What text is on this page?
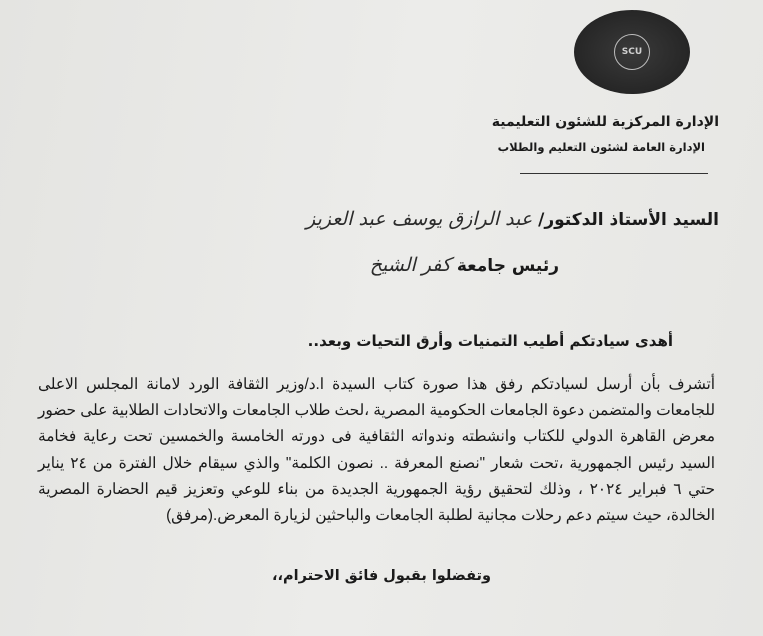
SCU
الإدارة المركزية للشئون التعليمية
الإدارة العامة لشئون التعليم والطلاب
السيد الأستاذ الدكتور/ عبد الرازق يوسف عبد العزيز
رئيس جامعة كفر الشيخ
أهدى سيادتكم أطيب التمنيات وأرق التحيات وبعد..
أتشرف بأن أرسل لسيادتكم رفق هذا صورة كتاب السيدة ا.د/وزير الثقافة الورد لامانة المجلس الاعلى للجامعات والمتضمن دعوة الجامعات الحكومية المصرية ،لحث طلاب الجامعات والاتحادات الطلابية على حضور معرض القاهرة الدولي للكتاب وانشطته وندواته الثقافية فى دورته الخامسة والخمسين تحت رعاية فخامة السيد رئيس الجمهورية ،تحت شعار "نصنع المعرفة .. نصون الكلمة" والذي سيقام خلال الفترة من ٢٤ يناير حتي ٦ فبراير ٢٠٢٤ ، وذلك لتحقيق رؤية الجمهورية الجديدة من بناء للوعي وتعزيز قيم الحضارة المصرية الخالدة، حيث سيتم دعم رحلات مجانية لطلبة الجامعات والباحثين لزيارة المعرض.(مرفق)
وتفضلوا بقبول فائق الاحترام،،
